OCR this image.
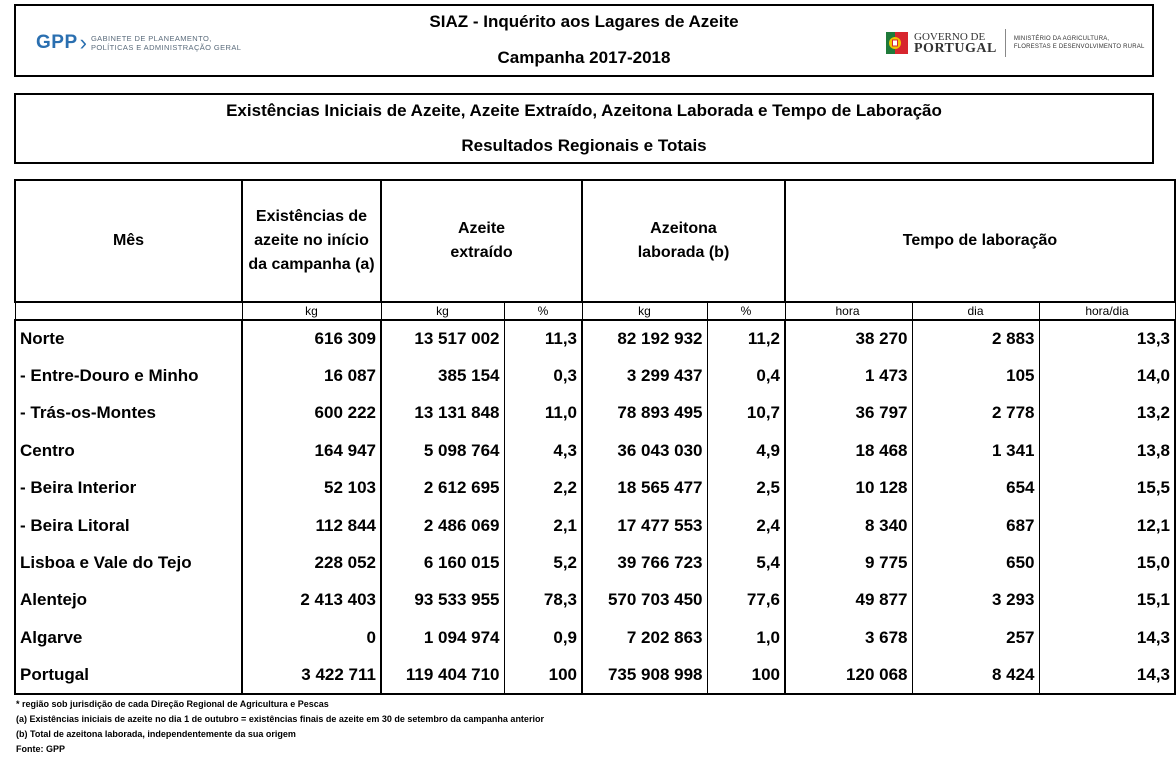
GPP › GABINETE DE PLANEAMENTO,
POLÍTICAS E ADMINISTRAÇÃO GERAL
SIAZ - Inquérito aos Lagares de Azeite
Campanha 2017-2018
GOVERNO DE
PORTUGAL
MINISTÉRIO DA AGRICULTURA,
FLORESTAS E DESENVOLVIMENTO RURAL
Existências Iniciais de Azeite, Azeite Extraído, Azeitona Laborada e Tempo de Laboração
Resultados Regionais e Totais
Mês	Existências de azeite no início da campanha (a)	Azeite extraído		Azeitona laborada (b)		Tempo de laboração		
	kg	kg	%	kg	%	hora	dia	hora/dia
Norte	616 309	13 517 002	11,3	82 192 932	11,2	38 270	2 883	13,3
- Entre-Douro e Minho	16 087	385 154	0,3	3 299 437	0,4	1 473	105	14,0
- Trás-os-Montes	600 222	13 131 848	11,0	78 893 495	10,7	36 797	2 778	13,2
Centro	164 947	5 098 764	4,3	36 043 030	4,9	18 468	1 341	13,8
- Beira Interior	52 103	2 612 695	2,2	18 565 477	2,5	10 128	654	15,5
- Beira Litoral	112 844	2 486 069	2,1	17 477 553	2,4	8 340	687	12,1
Lisboa e Vale do Tejo	228 052	6 160 015	5,2	39 766 723	5,4	9 775	650	15,0
Alentejo	2 413 403	93 533 955	78,3	570 703 450	77,6	49 877	3 293	15,1
Algarve	0	1 094 974	0,9	7 202 863	1,0	3 678	257	14,3
Portugal	3 422 711	119 404 710	100	735 908 998	100	120 068	8 424	14,3
* região sob jurisdição de cada Direção Regional de Agricultura e Pescas
(a) Existências iniciais de azeite no dia 1 de outubro = existências finais de azeite em 30 de setembro da campanha anterior
(b) Total de azeitona laborada, independentemente da sua origem
Fonte: GPP
